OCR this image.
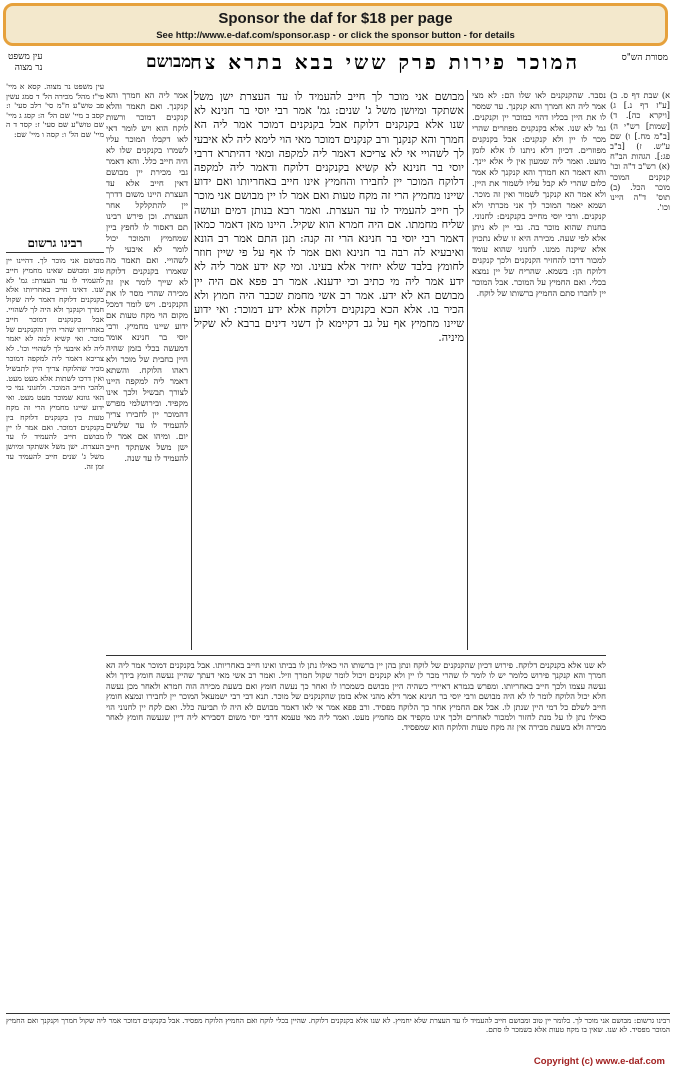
Sponsor the daf for $18 per page
See http://www.e-daf.com/sponsor.asp - or click the sponsor button - for details
מסורת הש"ס
המוכר פירות פרק ששי בבא בתרא צח
מבושם
עין משפט
נר מצוה
א) שבת דף ס. ב) [ע"ז דף נ.] ג) [ויקרא כה]. ד) [שמות] רש"י ה) [ב"מ מח.] ו) שם ע"ש. ז) [ב"ב פג:]. הגהות הב"ח (א) רש"ב ד"ה וכו' קנקנים המוכר מוכר הכל. (ב) תוס' ד"ה היינו וכו'.
נסבר. שהקנקנים לאו שלו הם: לא מצי אמר ליה הא חמרך והא קנקנך. עד שמסר לו את היין בכליו דהוי כמוכר יין וקנקנים. גמ' לא שנו. אלא בקנקנים מפוזרים שהרי מכר לו יין ולא קנקנים: אבל בקנקנים מפוזרים. דכיון דלא ניתנו לו אלא לזמן מועט. ואמר ליה שמעון אין לי אלא יינך. והא דאמר הא חמרך והא קנקנך לא אמר כלום שהרי לא קבל עליו לשמור את היין. ולא אמר הא קנקנך לשמור ואין זה מוכר. ושמא יאמר המוכר לך אני מכרתי ולא קנקנים. ורבי יוסי מחייב בקנקנים: לחנוני. בחנות שהוא מוכר בה. גבי יין לא ניתן אלא לפי שעה. מכירה היא זו שלא נתכוין אלא שיקנה ממנו. לחנוני שהוא עומד למכור דרכו להחזיר הקנקנים ולכך קנקנים דלוקח הן: בשמא. שהריח של יין נמצא בכלי. ואם החמיץ על המוכר. אבל המוכר יין לחברו סתם החמיץ ברשותו של לוקח.
מבושם אני מוכר לך חייב להעמיד לו עד העצרת ישן משל אשתקד ומיושן משל ג' שנים: גמ' אמר רבי יוסי בר חנינא לא שנו אלא בקנקנים דלוקח אבל בקנקנים דמוכר אמר ליה הא חמרך והא קנקנך ורב קנקנים דמוכר מאי הוי לימא ליה לא איבעי לך לשהויי אי לא צריכא דאמר ליה למקפה ומאי דהיתרא דרבי יוסי בר חנינא לא קשיא בקנקנים דלוקח ודאמר ליה למקפה דלוקח המוכר יין לחבירו והחמיץ אינו חייב באחריותו ואם ידוע שיינו מחמיץ הרי זה מקח טעות ואם אמר לו יין מבושם אני מוכר לך חייב להעמיד לו עד העצרת. ואמר רבא בנותן דמים ועושה שליח מחמתו. אם היה חמרא הוא שקיל. היינו מאן דאמר כמאן דאמר רבי יוסי בר חנינא הרי זה קנה: תנן התם אמר רב הונא ואיבעיא לה רבה בר חנינא ואם אמר לו אף על פי שיין חוזר לחומץ בלבד שלא יחזיר אלא בעינו. ומי קא ידע אמר ליה לא ידע אמר ליה מי כתיב וכי ידענא. אמר רב פפא אם היה יין מבושם הא לא ידע. אמר רב אשי מחמת שכבר היה חמוץ ולא הכיר בו. אלא הכא בקנקנים דלוקח אלא ידע דמוכר: ואי ידוע שיינו מחמיץ אף על גב דקיימא לן דשני דינים ברבא לא שקיל מיניה.
אמר ליה הא חמרך והא קנקנך. ואם תאמר והלא קנקנים דמוכר ורשות לוקח הוא ויש לומר דאי לאו דקבלו המוכר עליו לשמרו בקנקנים שלו לא היה חייב כלל. והא דאמר גבי מכירת יין מבושם דאין חייב אלא עד העצרת היינו משום דדרך יין להתקלקל אחר העצרת. וכן פירש רבינו תם דאסור לו לחפץ ביין שמחמיץ והמוכר יכול לומר לא איבעי לך לשהויי. ואם תאמר מה שאמרו בקנקנים דלוקח לא שייך לומר אין זה מכירה שהרי מסר לו את הקנקנים. ויש לומר דמכל מקום הוי מקח טעות אם ידוע שיינו מחמיץ. ורבי יוסי בר חנינא אומר דמעשה בכלי בזמן שהיה היין בחבית של מוכר ולא ראהו הלוקח. והשתא דאמר ליה למקפה היינו לצורך תבשיל ולכך אינו מקפיד. ובירושלמי מפרש דהמוכר יין לחבירו צריך להעמיד לו עד שלשים יום. ומיהו אם אמר לו ישן משל אשתקד חייב להעמיד לו עד שנה.
לא שנו אלא בקנקנים דלוקח. פירוש דכיון שהקנקנים של לוקח ונתן בהן יין ברשותו הוי כאילו נתן לו בביתו ואינו חייב באחריותו. אבל בקנקנים דמוכר אמר ליה הא חמרך והא קנקנך פירוש כלומר יש לו לומר לו שהרי מכר לו יין ולא קנקנים ויכול לומר שקול חמרך וזיל. ואמר רב אשי מאי דעתך שהיין נעשה חומץ בידך ולא נעשה עצמו ולכך חייב באחריותו. ומפרש בגמרא דאיירי כשהיה היין מבושם כשמכרו לו ואחר כך נעשה חומץ ואם בשעת מכירה הוה חמרא ולאחר מכן נעשה חלא יכול הלוקח לומר לו לא היה מבושם ורבי יוסי בר חנינא אמר דלא מהני אלא בזמן שהקנקנים של מוכר. תנא דבי רבי ישמעאל המוכר יין לחבירו ונמצא חומץ חייב לשלם כל דמי היין שנתן לו. אבל אם החמיץ אחר כך הלוקח מפסיד. ורב פפא אמר אי לאו דאמר מבושם לא היה לו תביעה כלל. ואם לקח יין לחנוני הוי כאילו נתן לו על מנת לחזור ולמכור לאחרים ולכך אינו מקפיד אם מחמיץ מעט. ואמר ליה מאי טעמא דרבי יוסי משום דסבירא ליה דיין שנעשה חומץ לאחר מכירה ולא בשעת מכירה אין זה מקח טעות והלוקח הוא שמפסיד.
רבינו גרשום: מבושם אני מוכר לך. כלומר יין טוב ומבושם חייב להעמיד לו עד העצרת שלא יחמיץ. לא שנו אלא בקנקנים דלוקח. שהיין בכלי לוקח ואם החמיץ הלוקח מפסיד. אבל בקנקנים דמוכר אמר ליה שקול חמרך וקנקנך ואם החמיץ המוכר מפסיד. לא שנו. שאין בו מקח טעות אלא בשמכר לו סתם.
עין משפט נר מצוה. קסא א מיי' פי"ז מהל' מכירה הל' ד סמג עשין פב טוש"ע ח"מ סי' רלב סעי' ו: קסב ב מיי' שם הל' ה: קסג ג מיי' שם טוש"ע שם סעי' ז: קסד ד ה מיי' שם הל' ו: קסה ו מיי' שם:
רבינו גרשום
מבושם אני מוכר לך. דהיינו יין טוב ומבושם שאינו מחמיץ חייב להעמיד לו עד העצרת: גמ' לא שנו. דאינו חייב באחריותו אלא בקנקנים דלוקח דאמר ליה שקול חמרך וקנקנך ולא היה לך לשהויי. אבל בקנקנים דמוכר חייב באחריותו שהרי היין והקנקנים של מוכר. ואי קשיא למה לא יאמר ליה לא איבעי לך לשהויי וכו'. לא צריכא דאמר ליה למקפה דמוכר מכיר שהלוקח צריך היין לתבשיל ואין דרכו לשתות אלא מעט מעט. ולהכי חייב המוכר. ולחנוני נמי כי האי גוונא שמוכר מעט מעט. ואי ידוע שיינו מחמיץ הרי זה מקח טעות בין בקנקנים דלוקח בין בקנקנים דמוכר. ואם אמר לו יין מבושם חייב להעמיד לו עד העצרת. ישן משל אשתקד ומיושן משל ג' שנים חייב להעמיד עד זמן זה.
Copyright (c) www.e-daf.com
